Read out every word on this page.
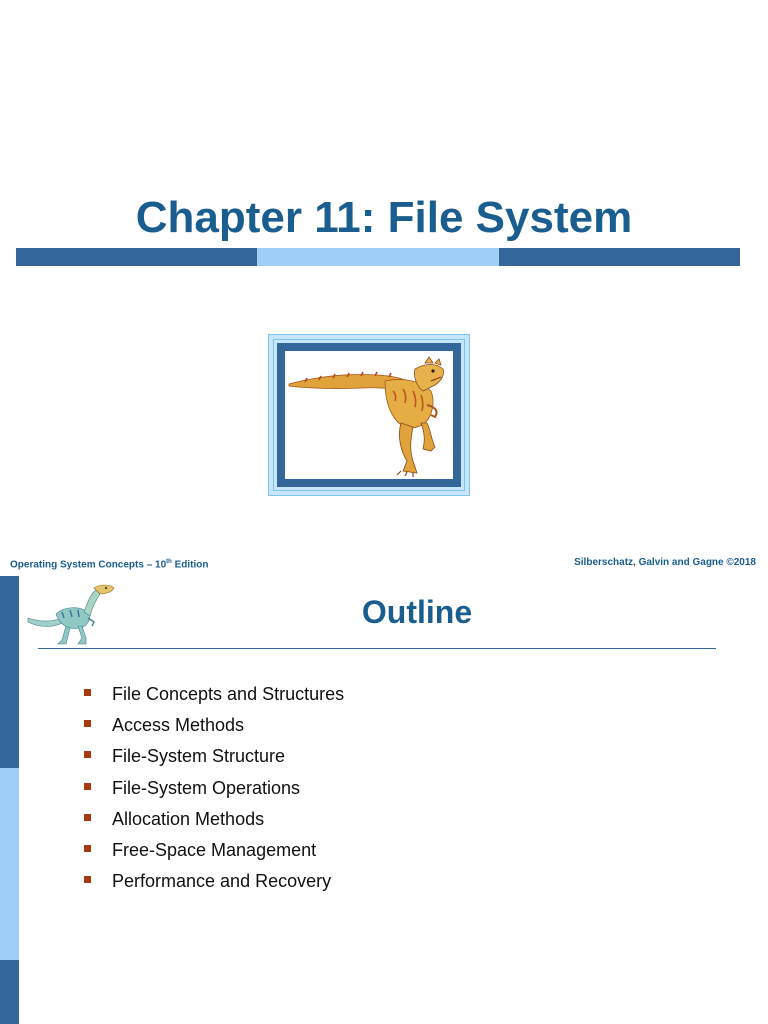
Chapter 11: File System
Operating System Concepts – 10th Edition	Silberschatz, Galvin and Gagne ©2018
Outline
File Concepts and Structures
Access Methods
File-System Structure
File-System Operations
Allocation Methods
Free-Space Management
Performance and Recovery
